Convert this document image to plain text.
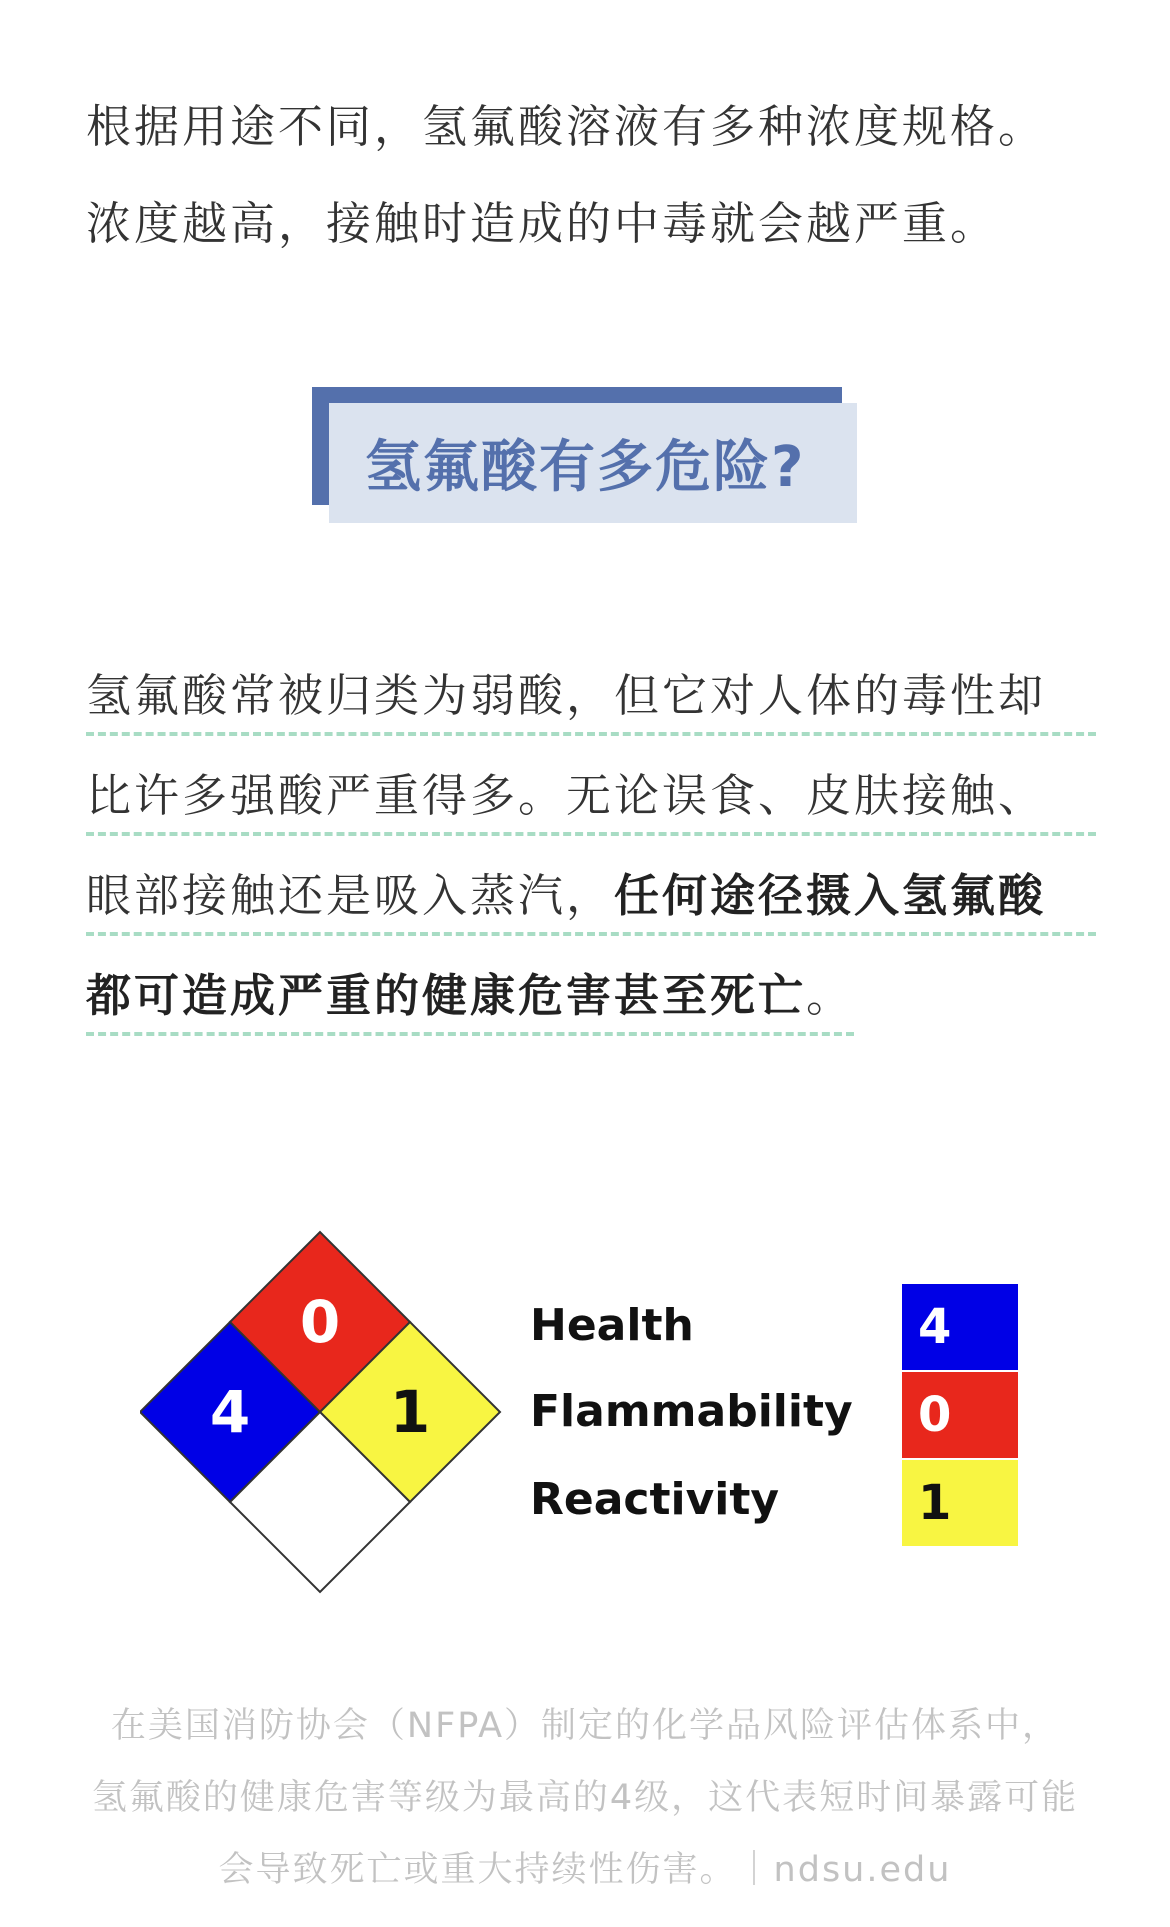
根据用途不同，氢氟酸溶液有多种浓度规格。

浓度越高，接触时造成的中毒就会越严重。

氢氟酸有多危险?
氢氟酸常被归类为弱酸，但它对人体的毒性却
比许多强酸严重得多。无论误食、皮肤接触、
眼部接触还是吸入蒸汽，任何途径摄入氢氟酸
都可造成严重的健康危害甚至死亡。
4
0
1
Health
Flammability
Reactivity
4
0
1

在美国消防协会（NFPA）制定的化学品风险评估体系中，

氢氟酸的健康危害等级为最高的4级，这代表短时间暴露可能

会导致死亡或重大持续性伤害。｜ndsu.edu
